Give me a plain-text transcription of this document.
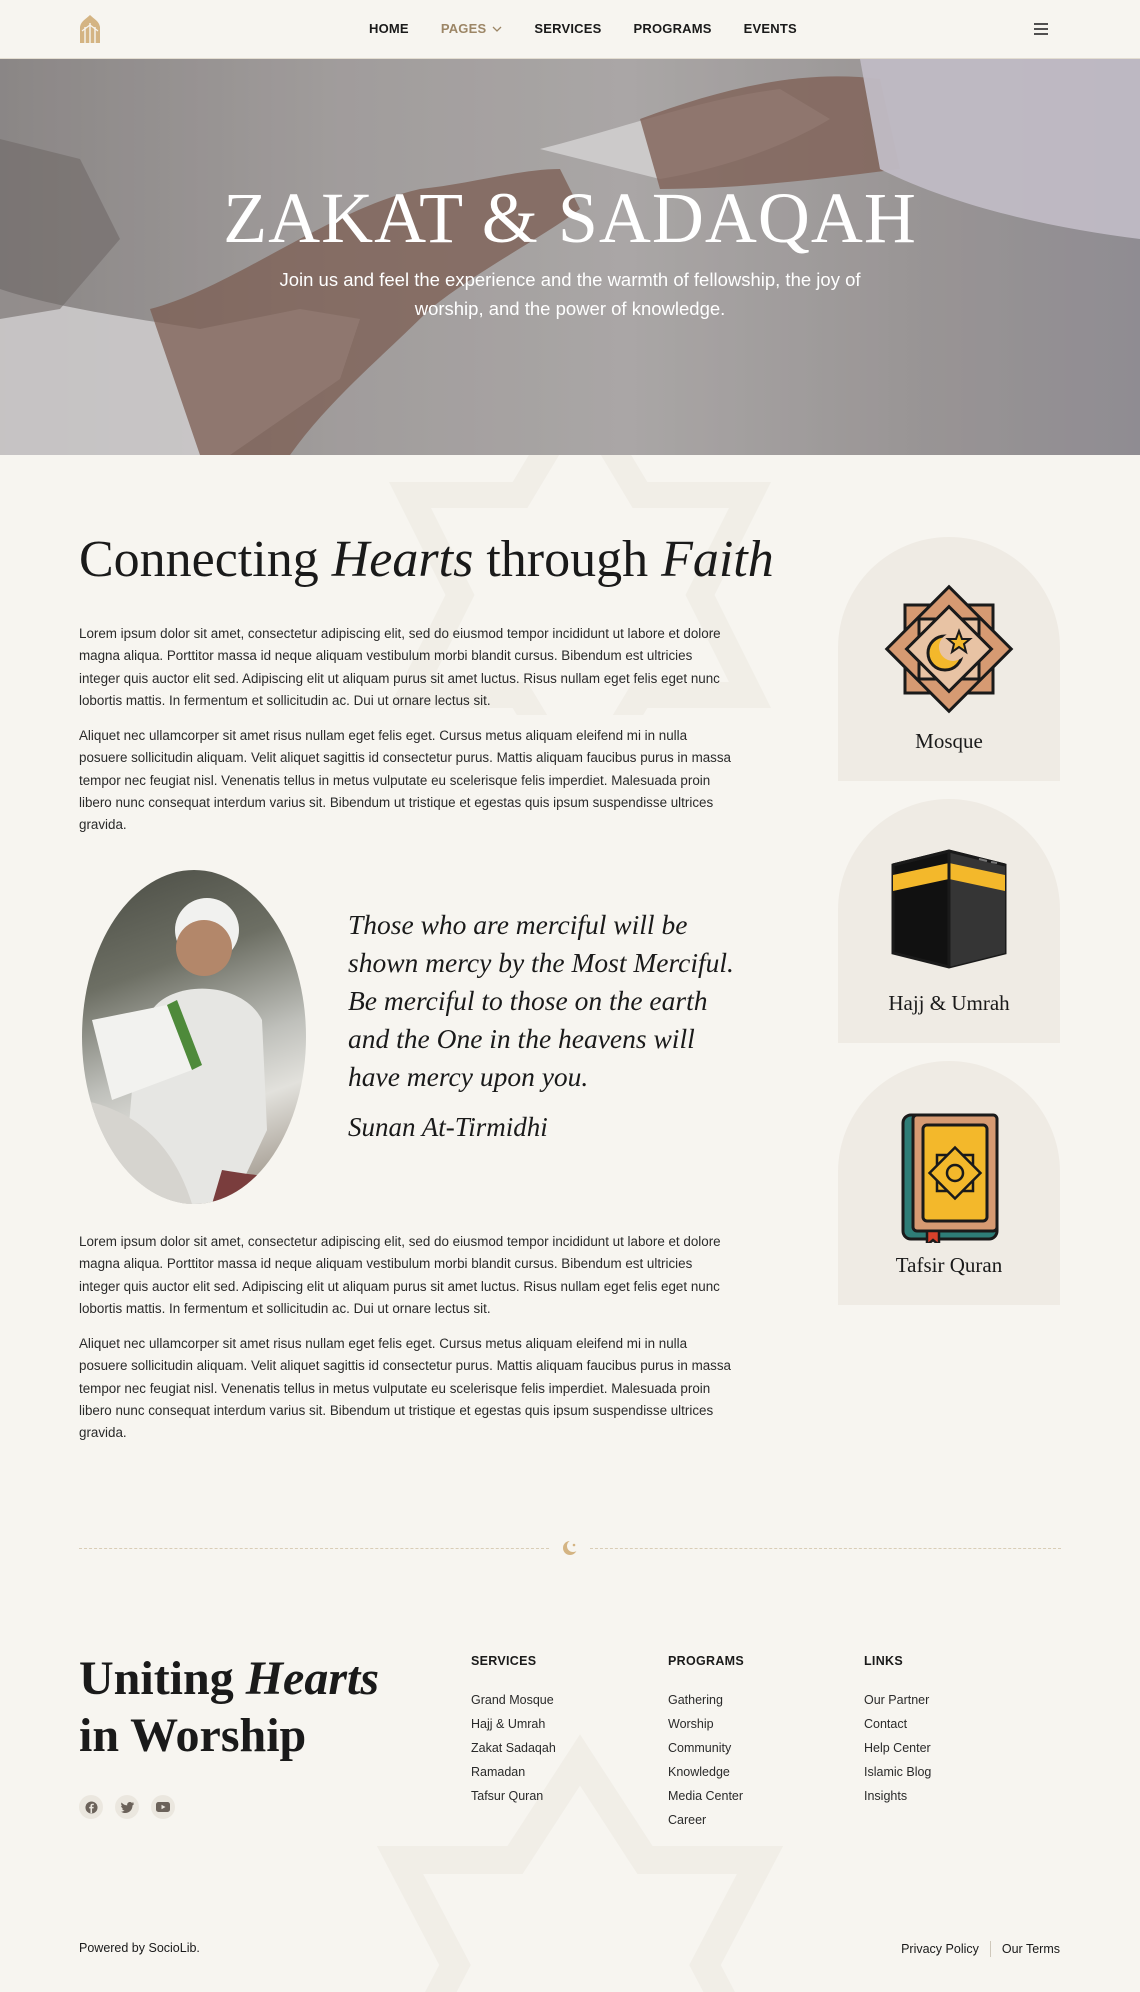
HOME PAGES	SERVICES PROGRAMS EVENTS
ZAKAT & SADAQAH

Join us and feel the experience and the warmth of fellowship, the joy of worship, and the power of knowledge.

Connecting Hearts through Faith

Lorem ipsum dolor sit amet, consectetur adipiscing elit, sed do eiusmod tempor incididunt ut labore et dolore magna aliqua. Porttitor massa id neque aliquam vestibulum morbi blandit cursus. Bibendum est ultricies integer quis auctor elit sed. Adipiscing elit ut aliquam purus sit amet luctus. Risus nullam eget felis eget nunc lobortis mattis. In fermentum et sollicitudin ac. Dui ut ornare lectus sit.

Aliquet nec ullamcorper sit amet risus nullam eget felis eget. Cursus metus aliquam eleifend mi in nulla posuere sollicitudin aliquam. Velit aliquet sagittis id consectetur purus. Mattis aliquam faucibus purus in massa tempor nec feugiat nisl. Venenatis tellus in metus vulputate eu scelerisque felis imperdiet. Malesuada proin libero nunc consequat interdum varius sit. Bibendum ut tristique et egestas quis ipsum suspendisse ultrices gravida.

Those who are merciful will be shown mercy by the Most Merciful. Be merciful to those on the earth and the One in the heavens will have mercy upon you.

Sunan At-Tirmidhi

Lorem ipsum dolor sit amet, consectetur adipiscing elit, sed do eiusmod tempor incididunt ut labore et dolore magna aliqua. Porttitor massa id neque aliquam vestibulum morbi blandit cursus. Bibendum est ultricies integer quis auctor elit sed. Adipiscing elit ut aliquam purus sit amet luctus. Risus nullam eget felis eget nunc lobortis mattis. In fermentum et sollicitudin ac. Dui ut ornare lectus sit.

Aliquet nec ullamcorper sit amet risus nullam eget felis eget. Cursus metus aliquam eleifend mi in nulla posuere sollicitudin aliquam. Velit aliquet sagittis id consectetur purus. Mattis aliquam faucibus purus in massa tempor nec feugiat nisl. Venenatis tellus in metus vulputate eu scelerisque felis imperdiet. Malesuada proin libero nunc consequat interdum varius sit. Bibendum ut tristique et egestas quis ipsum suspendisse ultrices gravida.

Mosque
Hajj & Umrah
Tafsir Quran
Uniting Hearts
in Worship
SERVICES
Grand Mosque
Hajj & Umrah
Zakat Sadaqah
Ramadan
Tafsur Quran
PROGRAMS
Gathering
Worship
Community
Knowledge
Media Center
Career
LINKS
Our Partner
Contact
Help Center
Islamic Blog
Insights
Powered by SocioLib.	Privacy Policy Our Terms
